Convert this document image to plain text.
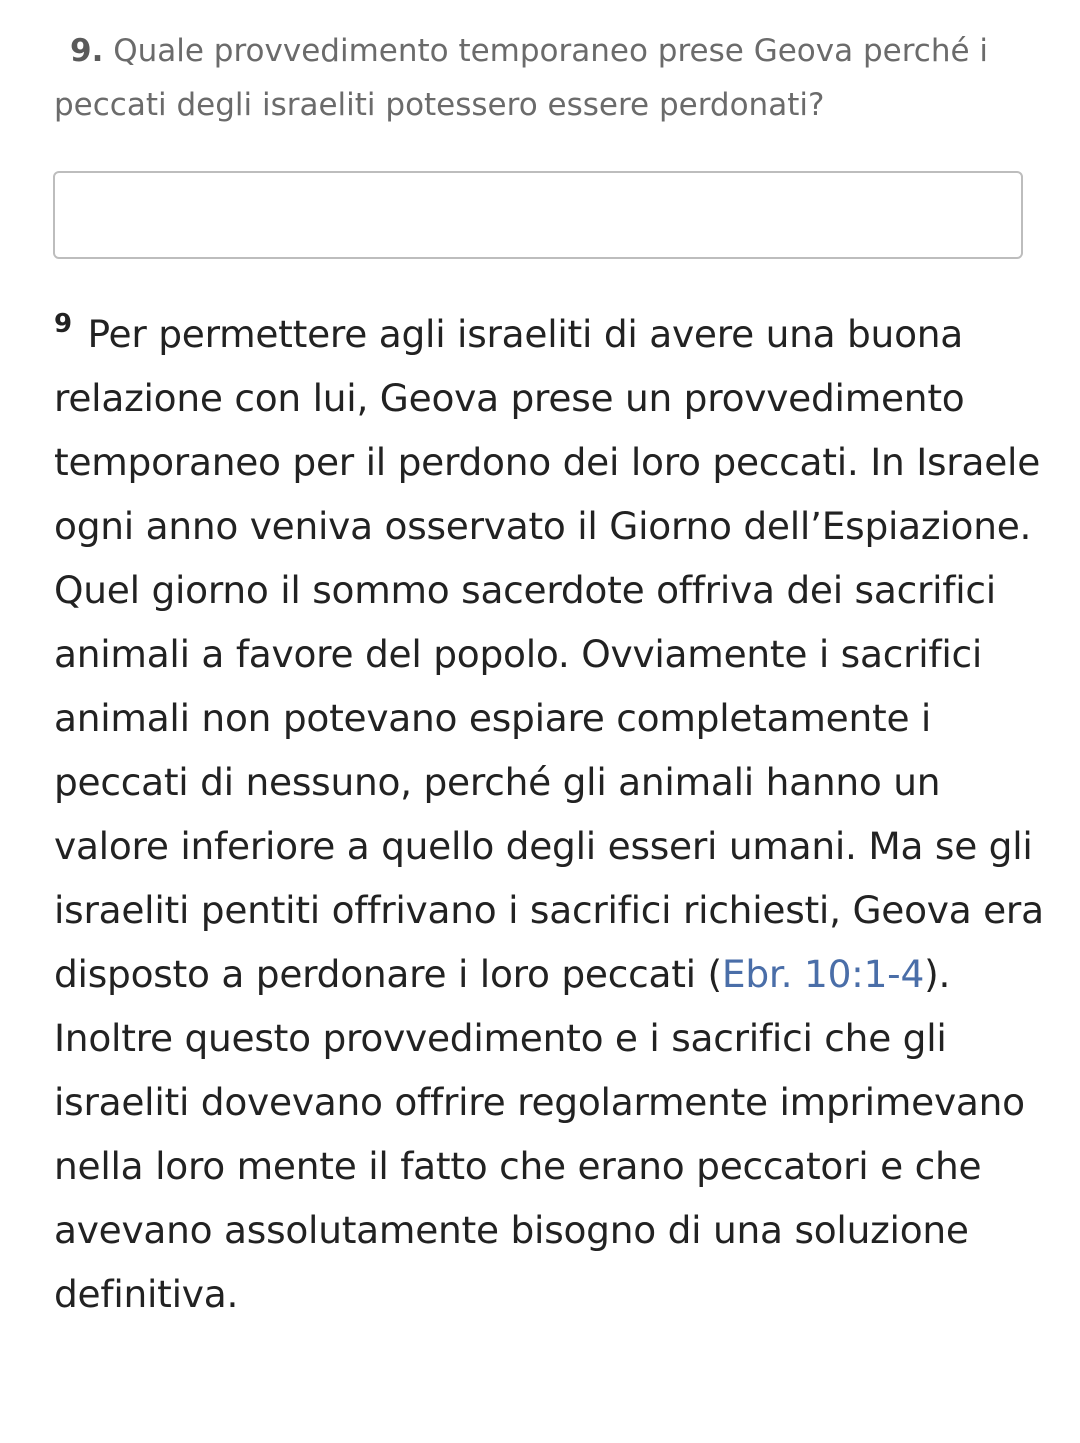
9. Quale provvedimento temporaneo prese Geova perché i peccati degli israeliti potessero essere perdonati?

$^9$ Per permettere agli israeliti di avere una buona relazione con lui, Geova prese un provvedimento temporaneo per il perdono dei loro peccati. In Israele ogni anno veniva osservato il Giorno dell’Espiazione. Quel giorno il sommo sacerdote offriva dei sacrifici animali a favore del popolo. Ovviamente i sacrifici animali non potevano espiare completamente i peccati di nessuno, perché gli animali hanno un valore inferiore a quello degli esseri umani. Ma se gli israeliti pentiti offrivano i sacrifici richiesti, Geova era disposto a perdonare i loro peccati (Ebr. 10:1-4). Inoltre questo provvedimento e i sacrifici che gli israeliti dovevano offrire regolarmente imprimevano nella loro mente il fatto che erano peccatori e che avevano assolutamente bisogno di una soluzione definitiva.
